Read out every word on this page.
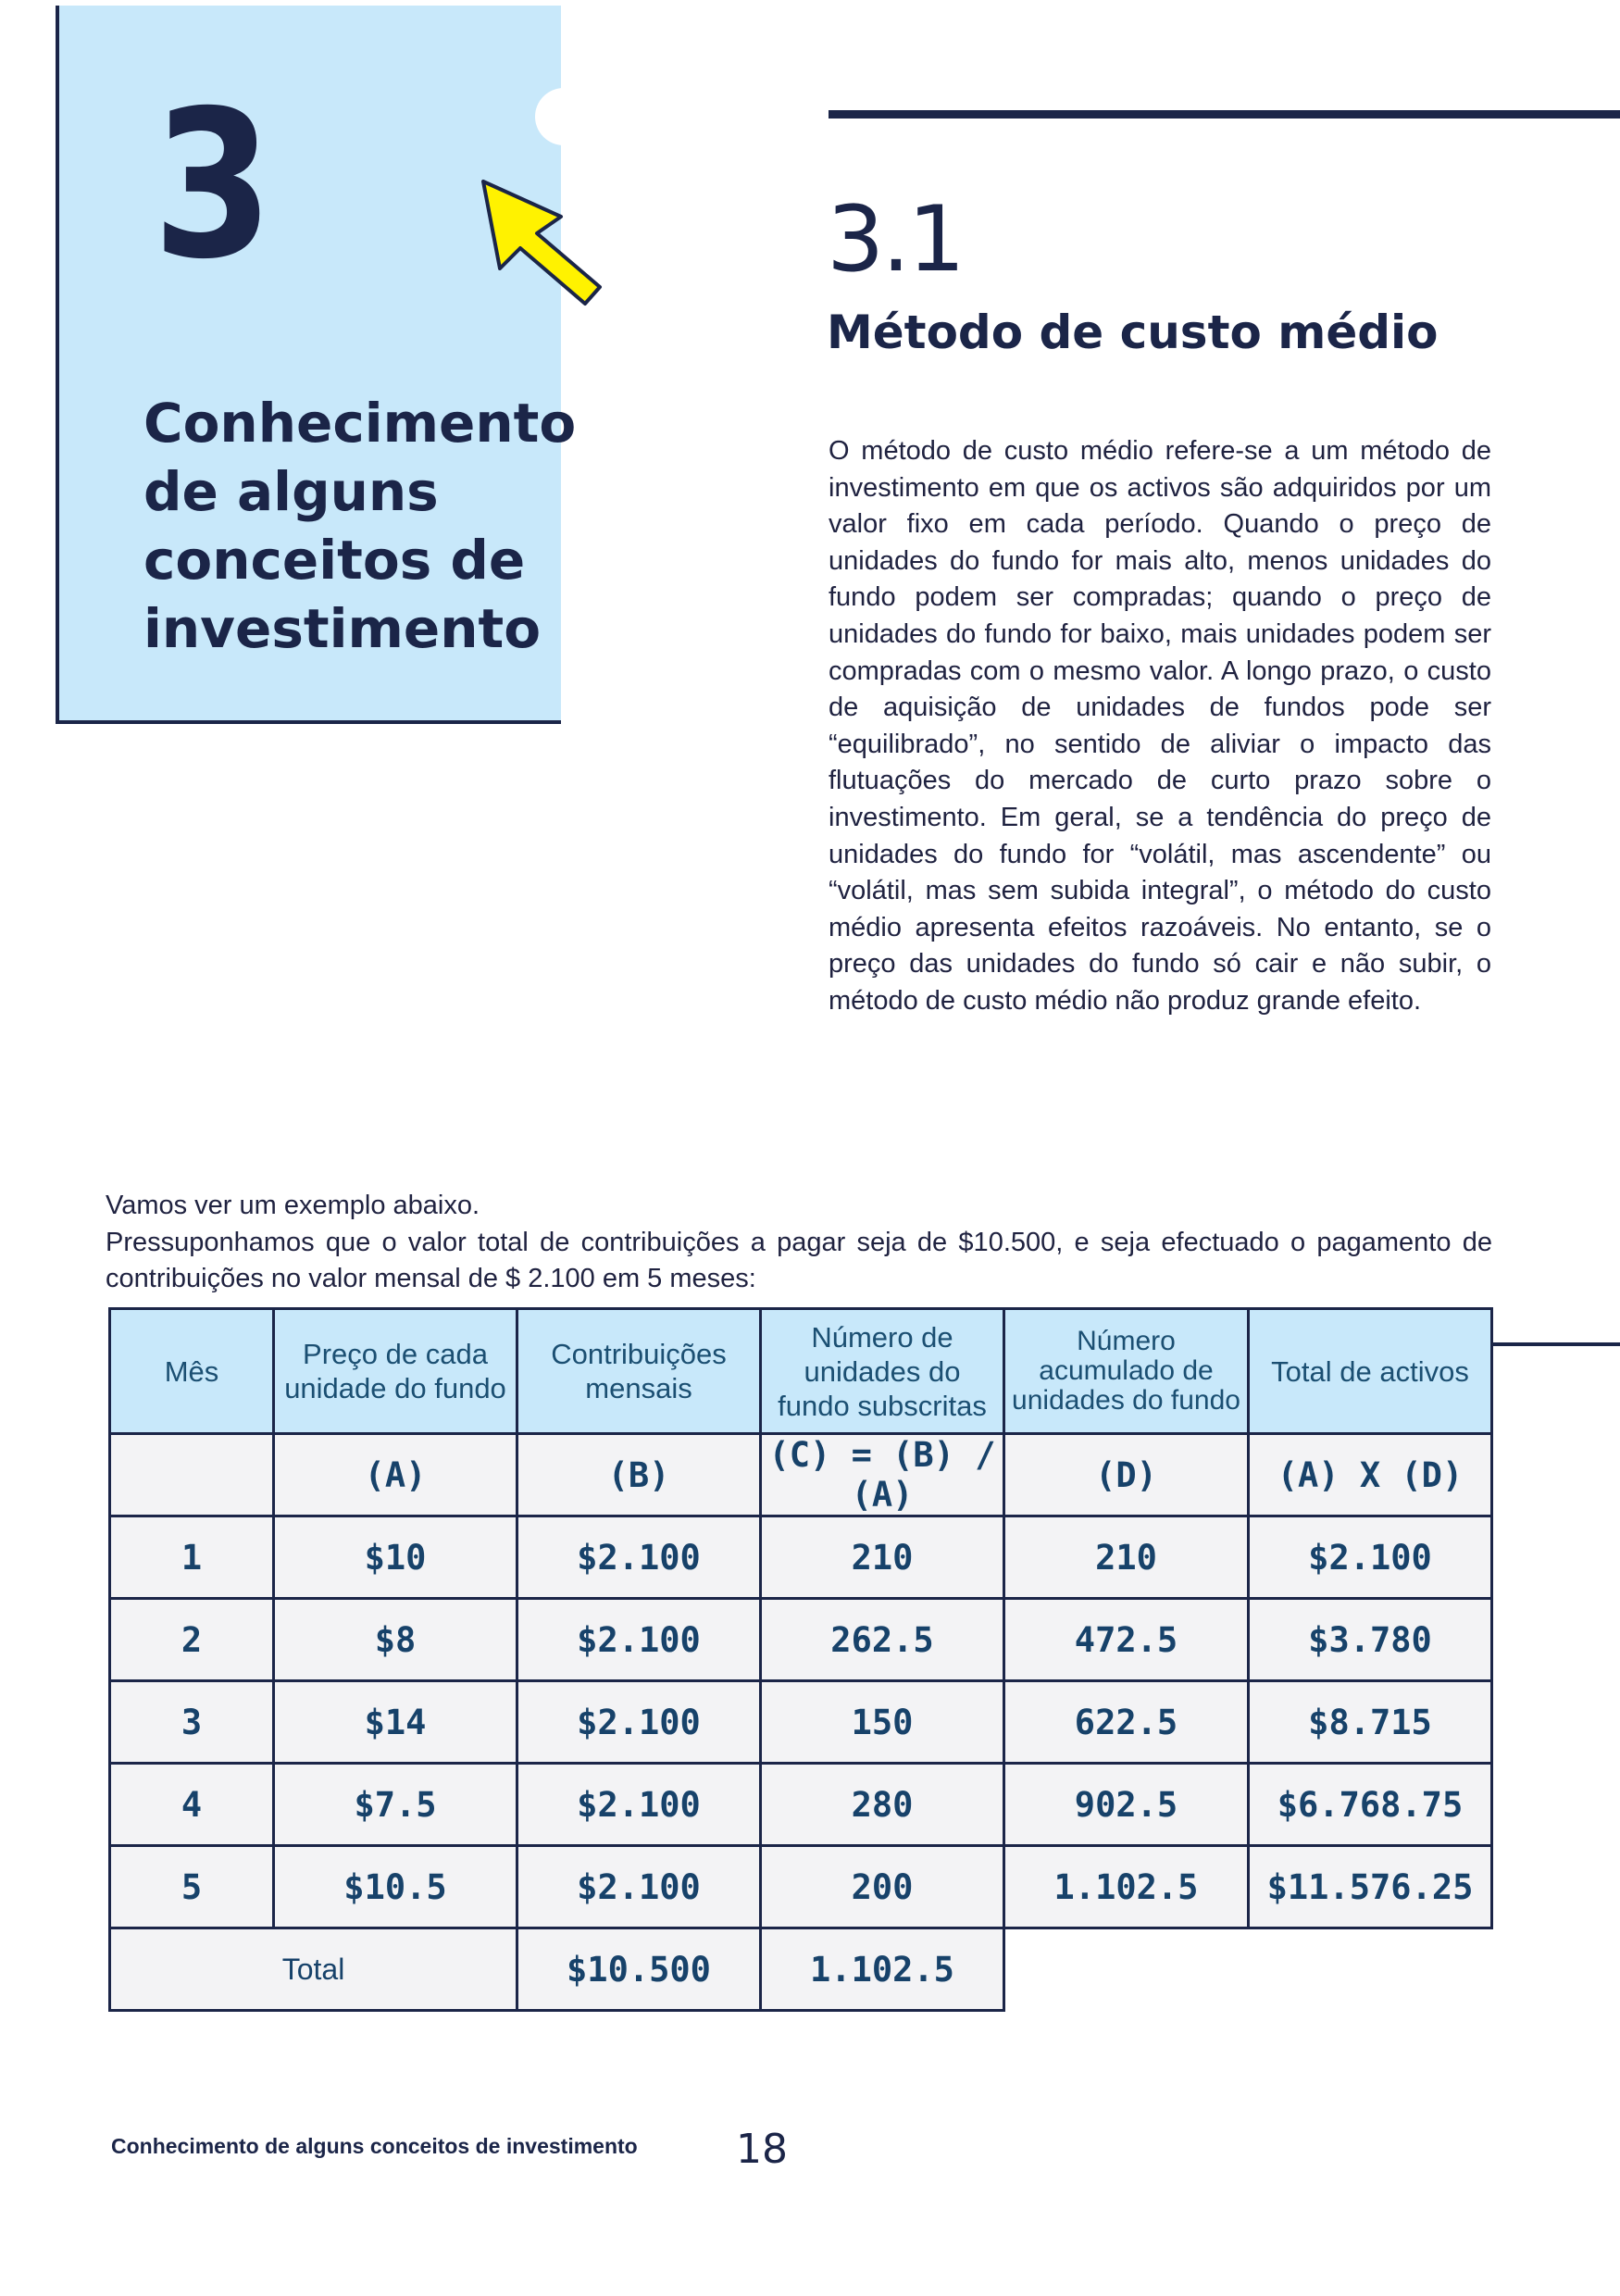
3
Conhecimento de alguns conceitos de investimento
3.1
Método de custo médio
O método de custo médio refere-se a um método de investimento em que os activos são adquiridos por um valor fixo em cada período. Quando o preço de unidades do fundo for mais alto, menos unidades do fundo podem ser compradas; quando o preço de unidades do fundo for baixo, mais unidades podem ser compradas com o mesmo valor. A longo prazo, o custo de aquisição de unidades de fundos pode ser “equilibrado”, no sentido de aliviar o impacto das flutuações do mercado de curto prazo sobre o investimento. Em geral, se a tendência do preço de unidades do fundo for “volátil, mas ascendente” ou “volátil, mas sem subida integral”, o método do custo médio apresenta efeitos razoáveis. No entanto, se o preço das unidades do fundo só cair e não subir, o método de custo médio não produz grande efeito.
Vamos ver um exemplo abaixo.
Pressuponhamos que o valor total de contribuições a pagar seja de $10.500, e seja efectuado o pagamento de contribuições no valor mensal de $ 2.100 em 5 meses:
Mês	Preço de cada unidade do fundo	Contribuições mensais	Número de unidades do fundo subscritas	Número acumulado de unidades do fundo	Total de activos

	(A)	(B)	(C) = (B) / (A)	(D)	(A) X (D)
1	$10	$2.100	210	210	$2.100
2	$8	$2.100	262.5	472.5	$3.780
3	$14	$2.100	150	622.5	$8.715
4	$7.5	$2.100	280	902.5	$6.768.75
5	$10.5	$2.100	200	1.102.5	$11.576.25
Total		$10.500	1.102.5		
Conhecimento de alguns conceitos de investimento 18
